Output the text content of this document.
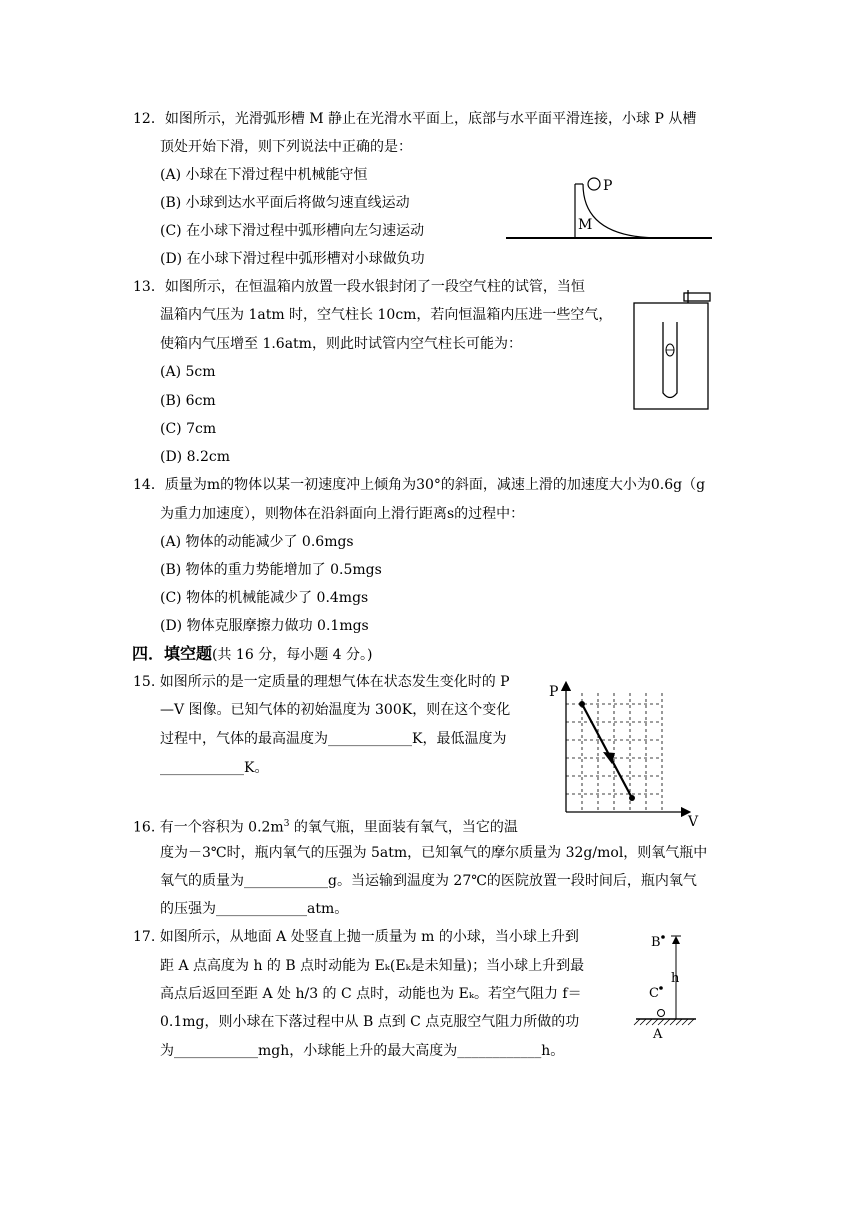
12．如图所示，光滑弧形槽 M 静止在光滑水平面上，底部与水平面平滑连接，小球 P 从槽
顶处开始下滑，则下列说法中正确的是：
(A) 小球在下滑过程中机械能守恒
(B) 小球到达水平面后将做匀速直线运动
(C) 在小球下滑过程中弧形槽向左匀速运动
(D) 在小球下滑过程中弧形槽对小球做负功
P
M
13．如图所示，在恒温箱内放置一段水银封闭了一段空气柱的试管，当恒
温箱内气压为 1atm 时，空气柱长 10cm，若向恒温箱内压进一些空气，
使箱内气压增至 1.6atm，则此时试管内空气柱长可能为：
(A) 5cm
(B) 6cm
(C) 7cm
(D) 8.2cm
14．质量为m的物体以某一初速度冲上倾角为30°的斜面，减速上滑的加速度大小为0.6g（g
为重力加速度），则物体在沿斜面向上滑行距离s的过程中：
(A) 物体的动能减少了 0.6mgs
(B) 物体的重力势能增加了 0.5mgs
(C) 物体的机械能减少了 0.4mgs
(D) 物体克服摩擦力做功 0.1mgs
四．填空题(共 16 分，每小题 4 分。)
15. 如图所示的是一定质量的理想气体在状态发生变化时的 P
—V 图像。已知气体的初始温度为 300K，则在这个变化
过程中，气体的最高温度为____________K，最低温度为
____________K。
P
V
16. 有一个容积为 $0.2m^3$ 的氧气瓶，里面装有氧气，当它的温
度为－3℃时，瓶内氧气的压强为 5atm，已知氧气的摩尔质量为 32g/mol，则氧气瓶中
氧气的质量为____________g。当运输到温度为 27℃的医院放置一段时间后，瓶内氧气
的压强为_____________atm。
17. 如图所示，从地面 A 处竖直上抛一质量为 m 的小球，当小球上升到
距 A 点高度为 h 的 B 点时动能为 Eₖ(Eₖ是未知量)；当小球上升到最
高点后返回至距 A 处 h/3 的 C 点时，动能也为 Eₖ。若空气阻力 f＝
0.1mg，则小球在下落过程中从 B 点到 C 点克服空气阻力所做的功
为____________mgh，小球能上升的最大高度为____________h。
B
h
C
A
